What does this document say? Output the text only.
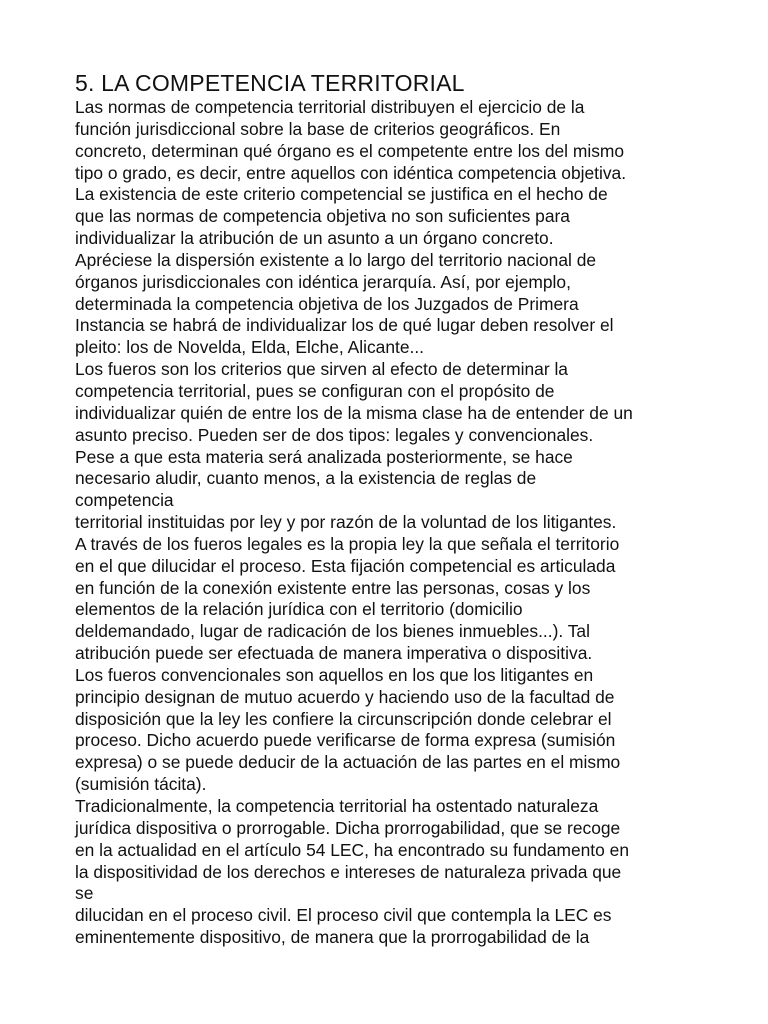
5. LA COMPETENCIA TERRITORIAL

Las normas de competencia territorial distribuyen el ejercicio de la

función jurisdiccional sobre la base de criterios geográficos. En

concreto, determinan qué órgano es el competente entre los del mismo

tipo o grado, es decir, entre aquellos con idéntica competencia objetiva.

La existencia de este criterio competencial se justifica en el hecho de

que las normas de competencia objetiva no son suficientes para

individualizar la atribución de un asunto a un órgano concreto.

Apréciese la dispersión existente a lo largo del territorio nacional de

órganos jurisdiccionales con idéntica jerarquía. Así, por ejemplo,

determinada la competencia objetiva de los Juzgados de Primera

Instancia se habrá de individualizar los de qué lugar deben resolver el

pleito: los de Novelda, Elda, Elche, Alicante...

Los fueros son los criterios que sirven al efecto de determinar la

competencia territorial, pues se configuran con el propósito de

individualizar quién de entre los de la misma clase ha de entender de un

asunto preciso. Pueden ser de dos tipos: legales y convencionales.

Pese a que esta materia será analizada posteriormente, se hace

necesario aludir, cuanto menos, a la existencia de reglas de

competencia

territorial instituidas por ley y por razón de la voluntad de los litigantes.

A través de los fueros legales es la propia ley la que señala el territorio

en el que dilucidar el proceso. Esta fijación competencial es articulada

en función de la conexión existente entre las personas, cosas y los

elementos de la relación jurídica con el territorio (domicilio

deldemandado, lugar de radicación de los bienes inmuebles...). Tal

atribución puede ser efectuada de manera imperativa o dispositiva.

Los fueros convencionales son aquellos en los que los litigantes en

principio designan de mutuo acuerdo y haciendo uso de la facultad de

disposición que la ley les confiere la circunscripción donde celebrar el

proceso. Dicho acuerdo puede verificarse de forma expresa (sumisión

expresa) o se puede deducir de la actuación de las partes en el mismo

(sumisión tácita).

Tradicionalmente, la competencia territorial ha ostentado naturaleza

jurídica dispositiva o prorrogable. Dicha prorrogabilidad, que se recoge

en la actualidad en el artículo 54 LEC, ha encontrado su fundamento en

la dispositividad de los derechos e intereses de naturaleza privada que

se

dilucidan en el proceso civil. El proceso civil que contempla la LEC es

eminentemente dispositivo, de manera que la prorrogabilidad de la
